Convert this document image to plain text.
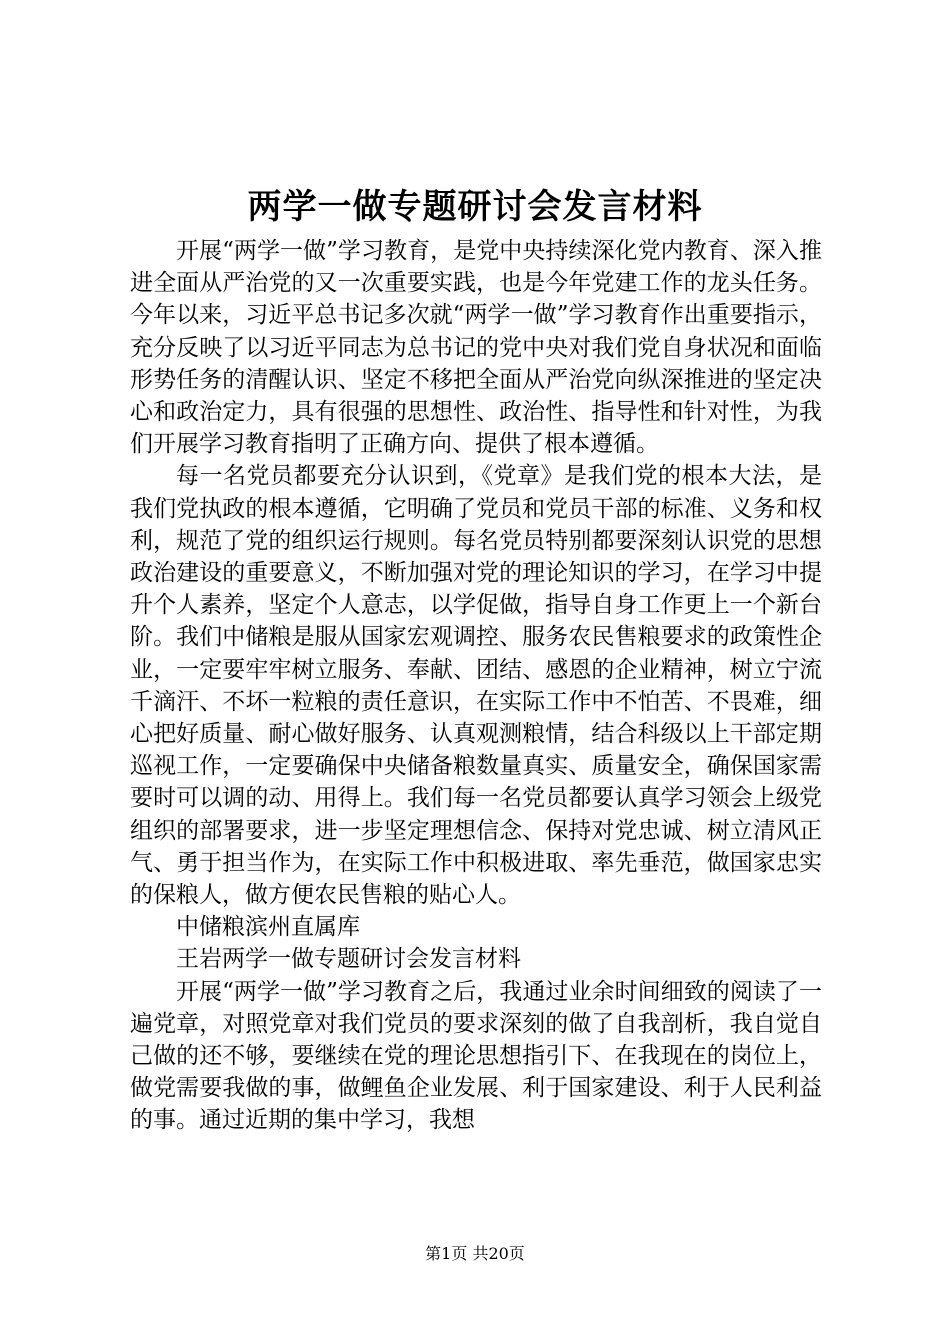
两学一做专题研讨会发言材料

开展“两学一做”学习教育，是党中央持续深化党内教育、深入推进全面从严治党的又一次重要实践，也是今年党建工作的龙头任务。今年以来，习近平总书记多次就“两学一做”学习教育作出重要指示，充分反映了以习近平同志为总书记的党中央对我们党自身状况和面临形势任务的清醒认识、坚定不移把全面从严治党向纵深推进的坚定决心和政治定力，具有很强的思想性、政治性、指导性和针对性，为我们开展学习教育指明了正确方向、提供了根本遵循。

每一名党员都要充分认识到，《党章》是我们党的根本大法，是我们党执政的根本遵循，它明确了党员和党员干部的标准、义务和权利，规范了党的组织运行规则。每名党员特别都要深刻认识党的思想政治建设的重要意义，不断加强对党的理论知识的学习，在学习中提升个人素养，坚定个人意志，以学促做，指导自身工作更上一个新台阶。我们中储粮是服从国家宏观调控、服务农民售粮要求的政策性企业，一定要牢牢树立服务、奉献、团结、感恩的企业精神，树立宁流千滴汗、不坏一粒粮的责任意识，在实际工作中不怕苦、不畏难，细心把好质量、耐心做好服务、认真观测粮情，结合科级以上干部定期巡视工作，一定要确保中央储备粮数量真实、质量安全，确保国家需要时可以调的动、用得上。我们每一名党员都要认真学习领会上级党组织的部署要求，进一步坚定理想信念、保持对党忠诚、树立清风正气、勇于担当作为，在实际工作中积极进取、率先垂范，做国家忠实的保粮人，做方便农民售粮的贴心人。

中储粮滨州直属库

王岩两学一做专题研讨会发言材料

开展“两学一做”学习教育之后，我通过业余时间细致的阅读了一遍党章，对照党章对我们党员的要求深刻的做了自我剖析，我自觉自己做的还不够，要继续在党的理论思想指引下、在我现在的岗位上，做党需要我做的事，做鲤鱼企业发展、利于国家建设、利于人民利益的事。通过近期的集中学习，我想

第1页 共20页
